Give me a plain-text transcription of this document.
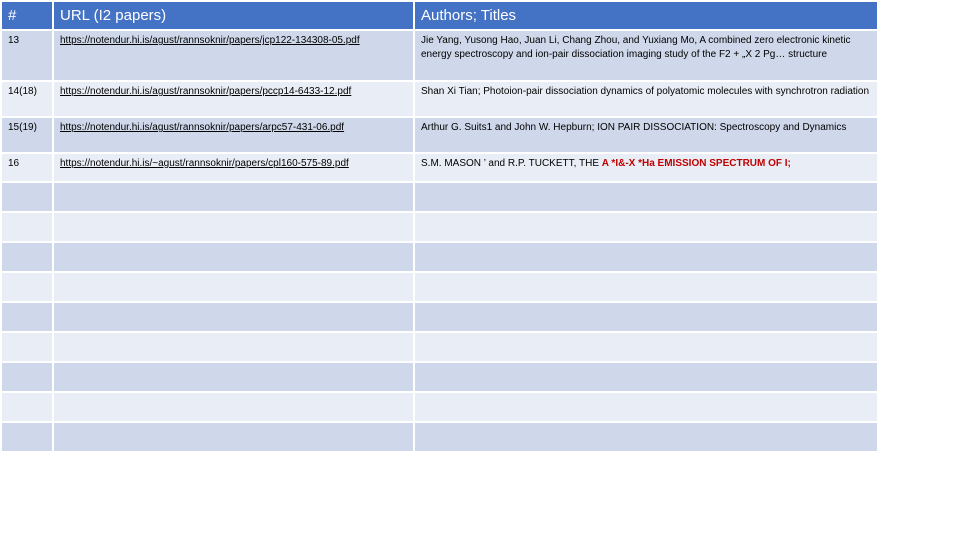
#	URL (I2 papers)	Authors; Titles
13	https://notendur.hi.is/agust/rannsoknir/papers/jcp122-134308-05.pdf	Jie Yang, Yusong Hao, Juan Li, Chang Zhou, and Yuxiang Mo, A combined zero electronic kinetic energy spectroscopy and ion-pair dissociation imaging study of the F2 + „X 2 Pg… structure
14(18)	https://notendur.hi.is/agust/rannsoknir/papers/pccp14-6433-12.pdf	Shan Xi Tian; Photoion-pair dissociation dynamics of polyatomic molecules with synchrotron radiation
15(19)	https://notendur.hi.is/agust/rannsoknir/papers/arpc57-431-06.pdf	Arthur G. Suits1 and John W. Hepburn; ION PAIR DISSOCIATION: Spectroscopy and Dynamics
16	https://notendur.hi.is/~agust/rannsoknir/papers/cpl160-575-89.pdf	S.M. MASON ’ and R.P. TUCKETT, THE A *I&-X *Ha EMISSION SPECTRUM OF I;
